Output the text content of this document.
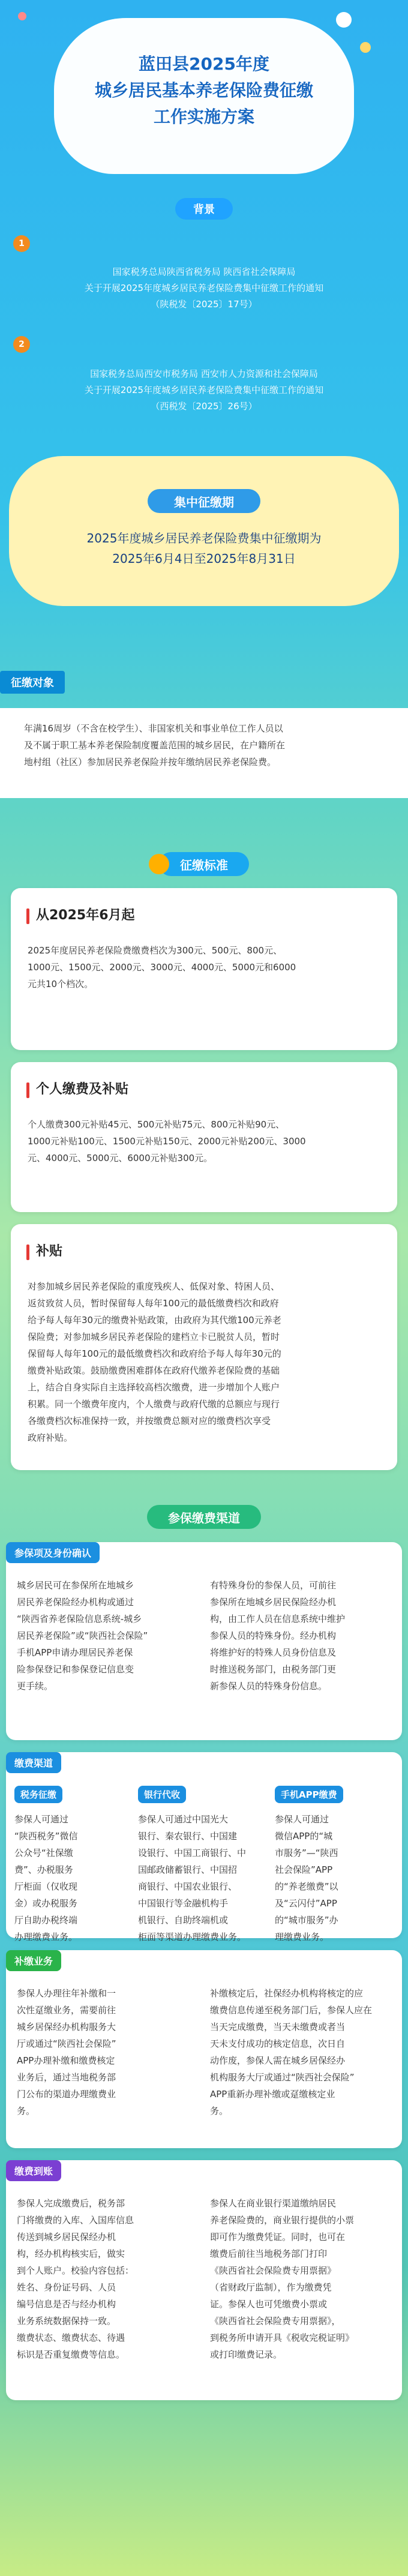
蓝田县2025年度
城乡居民基本养老保险费征缴
工作实施方案
背景
1
国家税务总局陕西省税务局 陕西省社会保障局
关于开展2025年度城乡居民养老保险费集中征缴工作的通知
（陕税发〔2025〕17号）
2
国家税务总局西安市税务局 西安市人力资源和社会保障局
关于开展2025年度城乡居民养老保险费集中征缴工作的通知
（西税发〔2025〕26号）
集中征缴期
2025年度城乡居民养老保险费集中征缴期为
2025年6月4日至2025年8月31日
征缴对象
年满16周岁（不含在校学生）、非国家机关和事业单位工作人员以
及不属于职工基本养老保险制度覆盖范围的城乡居民，在户籍所在
地村组（社区）参加居民养老保险并按年缴纳居民养老保险费。
征缴标准
从2025年6月起
2025年度居民养老保险费缴费档次为300元、500元、800元、
1000元、1500元、2000元、3000元、4000元、5000元和6000
元共10个档次。
个人缴费及补贴
个人缴费300元补贴45元、500元补贴75元、800元补贴90元、
1000元补贴100元、1500元补贴150元、2000元补贴200元、3000
元、4000元、5000元、6000元补贴300元。
补贴
对参加城乡居民养老保险的重度残疾人、低保对象、特困人员、
返贫致贫人员，暂时保留每人每年100元的最低缴费档次和政府
给予每人每年30元的缴费补贴政策，由政府为其代缴100元养老
保险费；对参加城乡居民养老保险的建档立卡已脱贫人员，暂时
保留每人每年100元的最低缴费档次和政府给予每人每年30元的
缴费补贴政策。鼓励缴费困难群体在政府代缴养老保险费的基础
上，结合自身实际自主选择较高档次缴费，进一步增加个人账户
积累。同一个缴费年度内，个人缴费与政府代缴的总额应与现行
各缴费档次标准保持一致，并按缴费总额对应的缴费档次享受
政府补贴。
参保缴费渠道
参保项及身份确认
城乡居民可在参保所在地城乡
居民养老保险经办机构或通过
“陕西省养老保险信息系统-城乡
居民养老保险”或“陕西社会保险”
手机APP申请办理居民养老保
险参保登记和参保登记信息变
更手续。
有特殊身份的参保人员，可前往
参保所在地城乡居民保险经办机
构，由工作人员在信息系统中维护
参保人员的特殊身份。经办机构
将维护好的特殊人员身份信息及
时推送税务部门，由税务部门更
新参保人员的特殊身份信息。
缴费渠道
税务征缴
参保人可通过
“陕西税务”微信
公众号“社保缴
费”、办税服务
厅柜面（仅收现
金）或办税服务
厅自助办税终端
办理缴费业务。
银行代收
参保人可通过中国光大
银行、秦农银行、中国建
设银行、中国工商银行、中
国邮政储蓄银行、中国招
商银行、中国农业银行、
中国银行等金融机构手
机银行、自助终端机或
柜面等渠道办理缴费业务。
手机APP缴费
参保人可通过
微信APP的“城
市服务”—“陕西
社会保险”APP
的“养老缴费”以
及“云闪付”APP
的“城市服务”办
理缴费业务。
补缴业务
参保人办理往年补缴和一
次性趸缴业务，需要前往
城乡居保经办机构服务大
厅或通过“陕西社会保险”
APP办理补缴和缴费核定
业务后，通过当地税务部
门公布的渠道办理缴费业
务。
补缴核定后，社保经办机构将核定的应
缴费信息传递至税务部门后，参保人应在
当天完成缴费，当天未缴费或者当
天未支付成功的核定信息，次日自
动作废，参保人需在城乡居保经办
机构服务大厅或通过“陕西社会保险”
APP重新办理补缴或趸缴核定业
务。
缴费到账
参保人完成缴费后，税务部
门将缴费的入库、入国库信息
传送到城乡居民保经办机
构，经办机构核实后，做实
到个人账户。校验内容包括：
姓名、身份证号码、人员
编号信息是否与经办机构
业务系统数据保持一致。
缴费状态、缴费状态、待遇
标识是否重复缴费等信息。
参保人在商业银行渠道缴纳居民
养老保险费的，商业银行提供的小票
即可作为缴费凭证。同时，也可在
缴费后前往当地税务部门打印
《陕西省社会保险费专用票据》
（省财政厅监制），作为缴费凭
证。参保人也可凭缴费小票或
《陕西省社会保险费专用票据》，
到税务所申请开具《税收完税证明》
或打印缴费记录。
